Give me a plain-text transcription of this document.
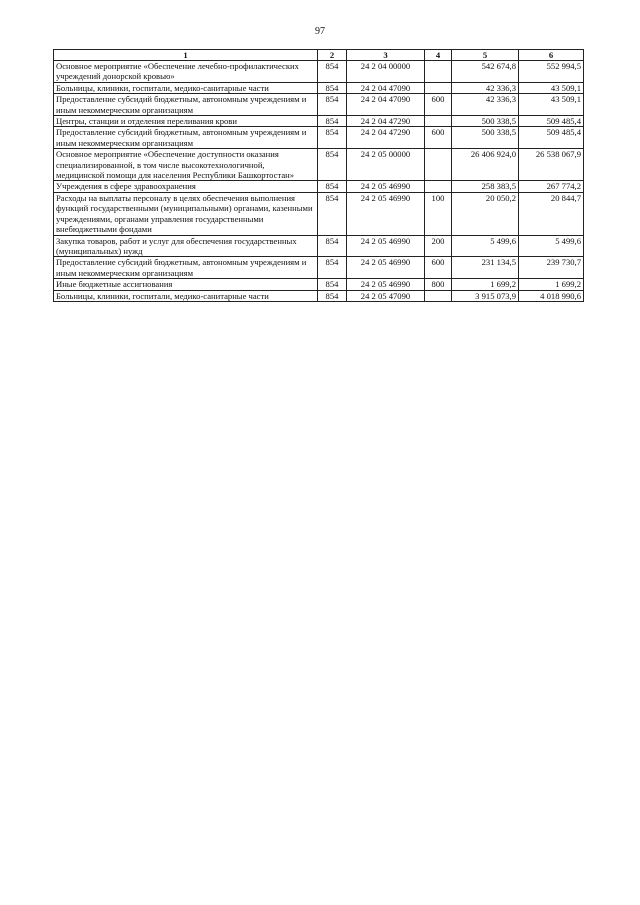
97
1	2	3	4	5	6
Основное мероприятие «Обеспечение лечебно-профилактических учреждений донорской кровью»	854	24 2 04 00000		542 674,8	552 994,5
Больницы, клиники, госпитали, медико-санитарные части	854	24 2 04 47090		42 336,3	43 509,1
Предоставление субсидий бюджетным, автономным учреждениям и иным некоммерческим организациям	854	24 2 04 47090	600	42 336,3	43 509,1
Центры, станции и отделения переливания крови	854	24 2 04 47290		500 338,5	509 485,4
Предоставление субсидий бюджетным, автономным учреждениям и иным некоммерческим организациям	854	24 2 04 47290	600	500 338,5	509 485,4
Основное мероприятие «Обеспечение доступности оказания специализированной, в том числе высокотехнологичной, медицинской помощи для населения Республики Башкортостан»	854	24 2 05 00000		26 406 924,0	26 538 067,9
Учреждения в сфере здравоохранения	854	24 2 05 46990		258 383,5	267 774,2
Расходы на выплаты персоналу в целях обеспечения выполнения функций государственными (муниципальными) органами, казенными учреждениями, органами управления государственными внебюджетными фондами	854	24 2 05 46990	100	20 050,2	20 844,7
Закупка товаров, работ и услуг для обеспечения государственных (муниципальных) нужд	854	24 2 05 46990	200	5 499,6	5 499,6
Предоставление субсидий бюджетным, автономным учреждениям и иным некоммерческим организациям	854	24 2 05 46990	600	231 134,5	239 730,7
Иные бюджетные ассигнования	854	24 2 05 46990	800	1 699,2	1 699,2
Больницы, клиники, госпитали, медико-санитарные части	854	24 2 05 47090		3 915 073,9	4 018 990,6
